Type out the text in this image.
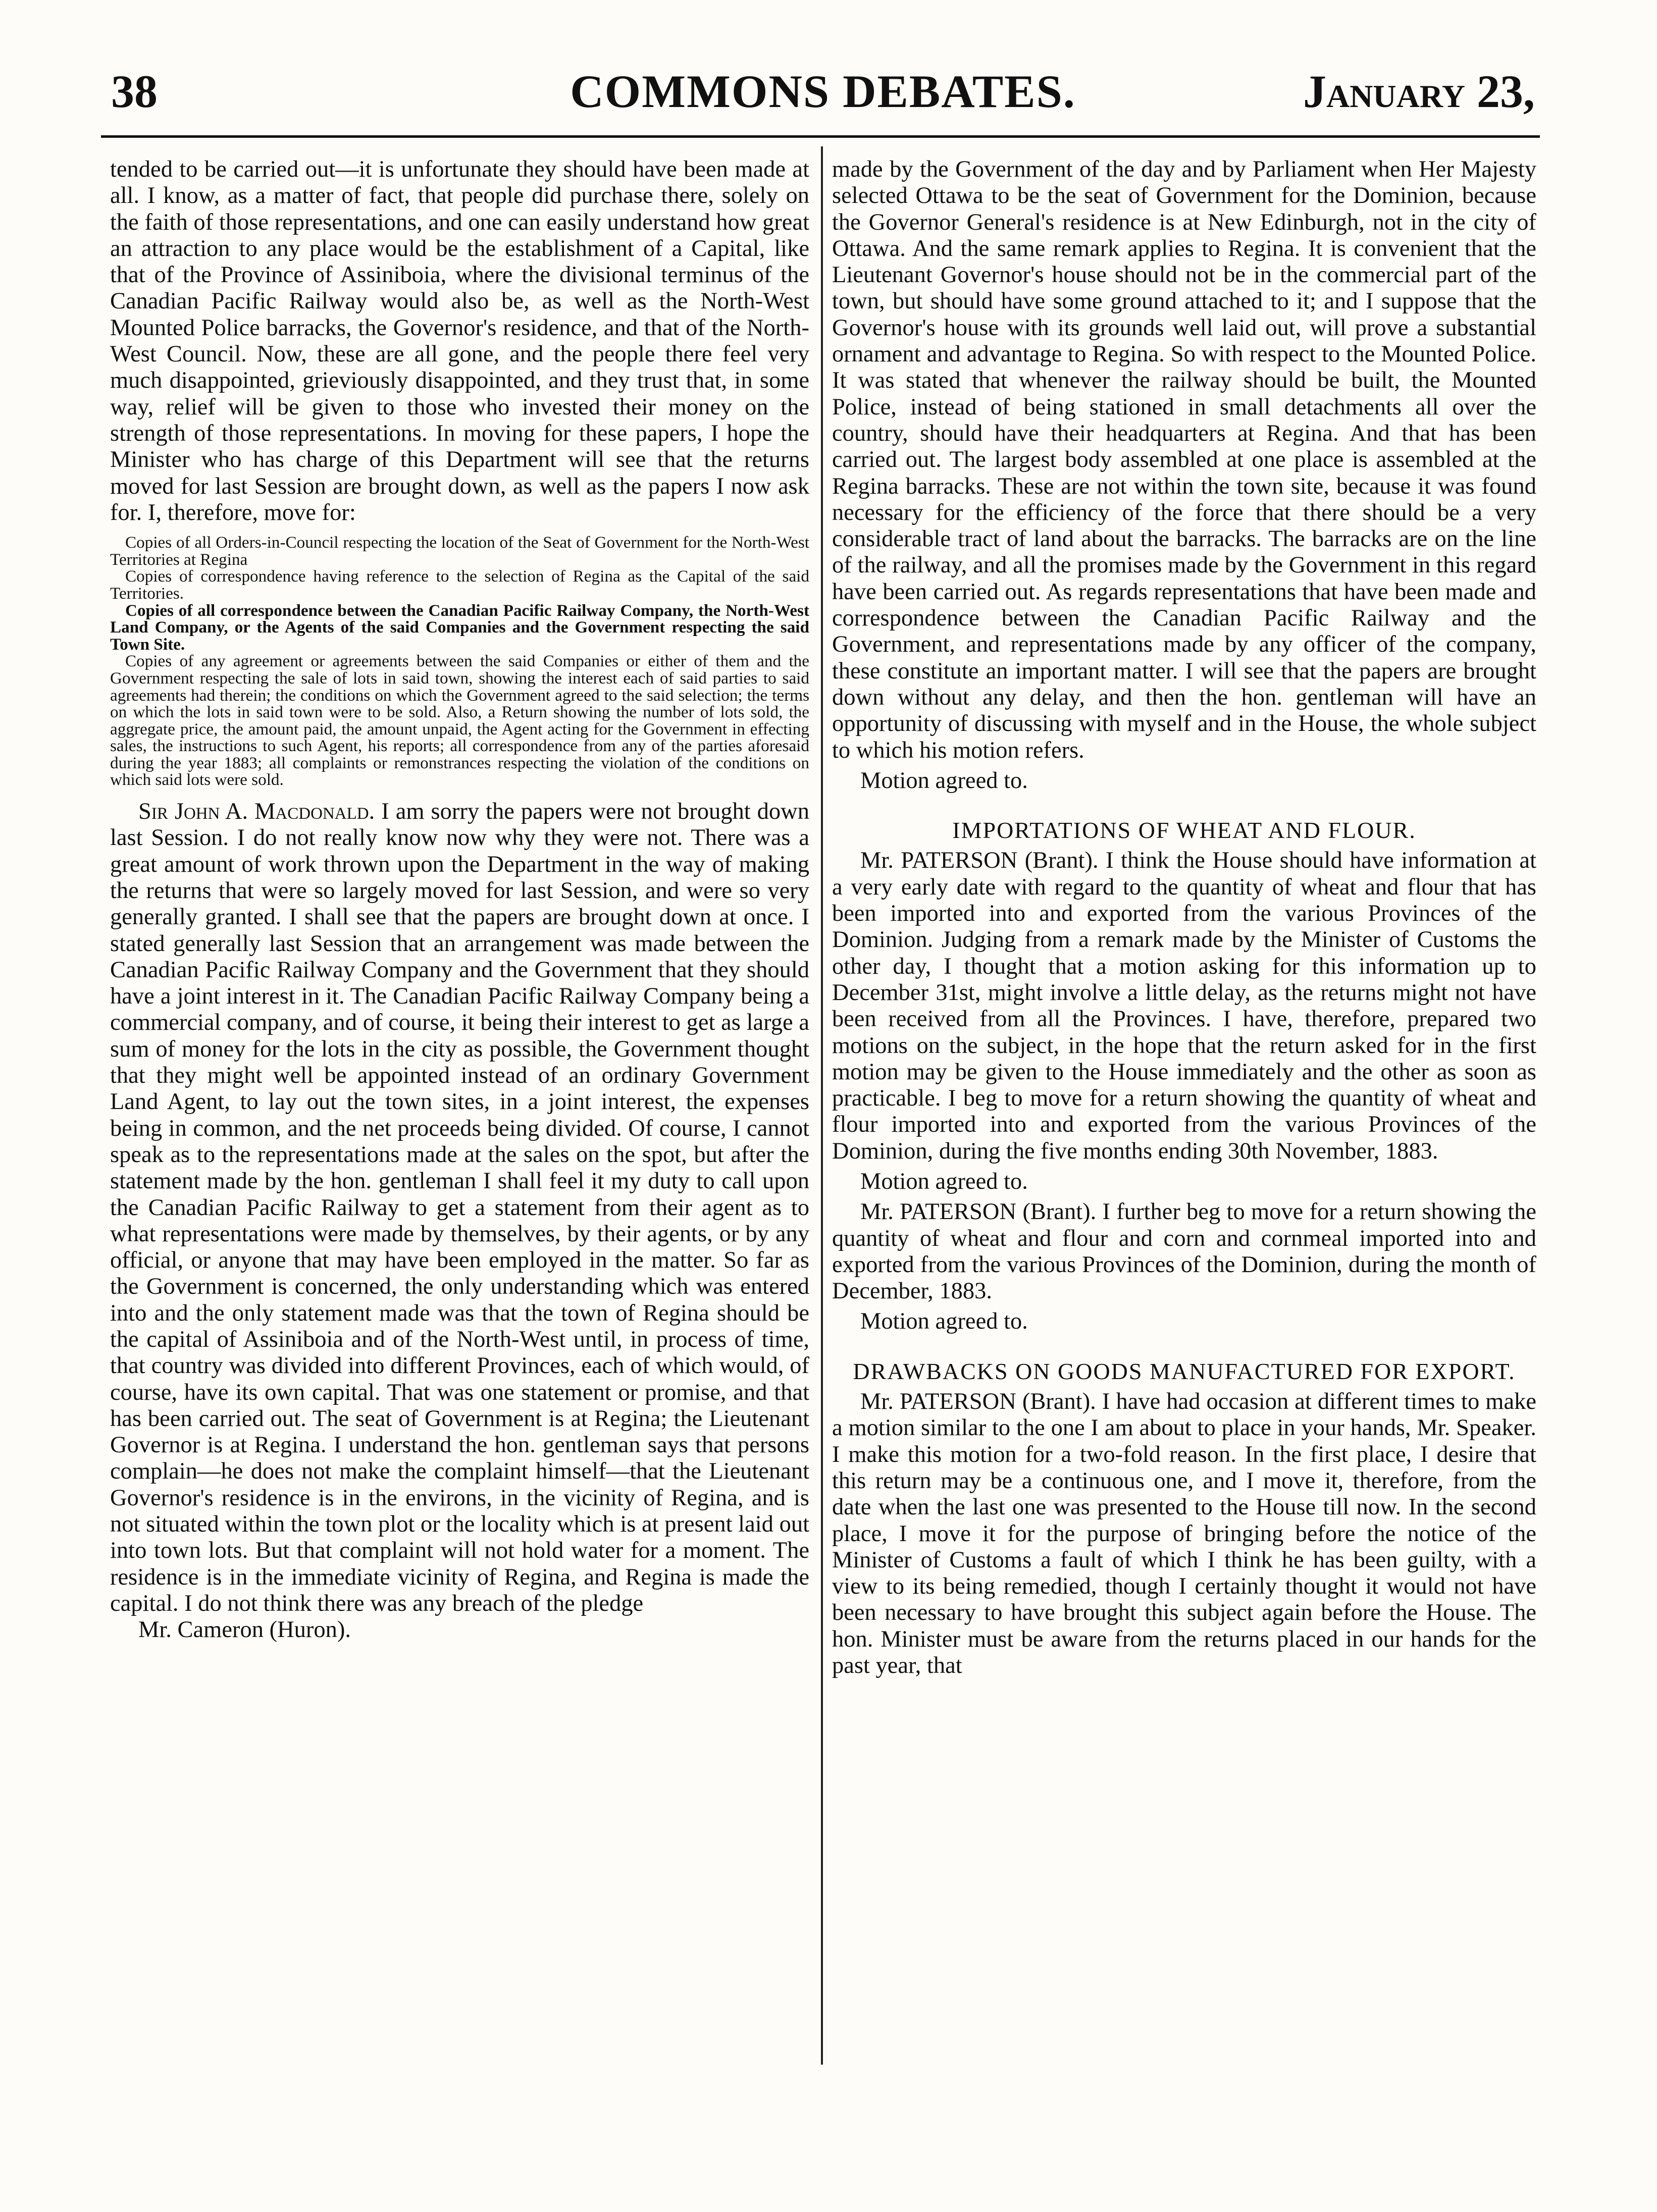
38	COMMONS DEBATES.	January 23,

tended to be carried out—it is unfortunate they should have been made at all. I know, as a matter of fact, that people did purchase there, solely on the faith of those representations, and one can easily understand how great an attraction to any place would be the establishment of a Capital, like that of the Province of Assiniboia, where the divisional terminus of the Canadian Pacific Railway would also be, as well as the North-West Mounted Police barracks, the Governor's residence, and that of the North-West Council. Now, these are all gone, and the people there feel very much disappointed, grieviously disappointed, and they trust that, in some way, relief will be given to those who invested their money on the strength of those representations. In moving for these papers, I hope the Minister who has charge of this Department will see that the returns moved for last Session are brought down, as well as the papers I now ask for. I, therefore, move for:

Copies of all Orders-in-Council respecting the location of the Seat of Government for the North-West Territories at Regina

Copies of correspondence having reference to the selection of Regina as the Capital of the said Territories.

Copies of all correspondence between the Canadian Pacific Railway Company, the North-West Land Company, or the Agents of the said Companies and the Government respecting the said Town Site.

Copies of any agreement or agreements between the said Companies or either of them and the Government respecting the sale of lots in said town, showing the interest each of said parties to said agreements had therein; the conditions on which the Government agreed to the said selection; the terms on which the lots in said town were to be sold. Also, a Return showing the number of lots sold, the aggregate price, the amount paid, the amount unpaid, the Agent acting for the Government in effecting sales, the instructions to such Agent, his reports; all correspondence from any of the parties aforesaid during the year 1883; all complaints or remonstrances respecting the violation of the conditions on which said lots were sold.

Sir John A. Macdonald. I am sorry the papers were not brought down last Session. I do not really know now why they were not. There was a great amount of work thrown upon the Department in the way of making the returns that were so largely moved for last Session, and were so very generally granted. I shall see that the papers are brought down at once. I stated generally last Session that an arrangement was made between the Canadian Pacific Railway Company and the Government that they should have a joint interest in it. The Canadian Pacific Railway Company being a commercial company, and of course, it being their interest to get as large a sum of money for the lots in the city as possible, the Government thought that they might well be appointed instead of an ordinary Government Land Agent, to lay out the town sites, in a joint interest, the expenses being in common, and the net proceeds being divided. Of course, I cannot speak as to the representations made at the sales on the spot, but after the statement made by the hon. gentleman I shall feel it my duty to call upon the Canadian Pacific Railway to get a statement from their agent as to what representations were made by themselves, by their agents, or by any official, or anyone that may have been employed in the matter. So far as the Government is concerned, the only understanding which was entered into and the only statement made was that the town of Regina should be the capital of Assiniboia and of the North-West until, in process of time, that country was divided into different Provinces, each of which would, of course, have its own capital. That was one statement or promise, and that has been carried out. The seat of Government is at Regina; the Lieutenant Governor is at Regina. I understand the hon. gentleman says that persons complain—he does not make the complaint himself—that the Lieutenant Governor's residence is in the environs, in the vicinity of Regina, and is not situated within the town plot or the locality which is at present laid out into town lots. But that complaint will not hold water for a moment. The residence is in the immediate vicinity of Regina, and Regina is made the capital. I do not think there was any breach of the pledge

Mr. Cameron (Huron).

made by the Government of the day and by Parliament when Her Majesty selected Ottawa to be the seat of Government for the Dominion, because the Governor General's residence is at New Edinburgh, not in the city of Ottawa. And the same remark applies to Regina. It is convenient that the Lieutenant Governor's house should not be in the commercial part of the town, but should have some ground attached to it; and I suppose that the Governor's house with its grounds well laid out, will prove a substantial ornament and advantage to Regina. So with respect to the Mounted Police. It was stated that whenever the railway should be built, the Mounted Police, instead of being stationed in small detachments all over the country, should have their headquarters at Regina. And that has been carried out. The largest body assembled at one place is assembled at the Regina barracks. These are not within the town site, because it was found necessary for the efficiency of the force that there should be a very considerable tract of land about the barracks. The barracks are on the line of the railway, and all the promises made by the Government in this regard have been carried out. As regards representations that have been made and correspondence between the Canadian Pacific Railway and the Government, and representations made by any officer of the company, these constitute an important matter. I will see that the papers are brought down without any delay, and then the hon. gentleman will have an opportunity of discussing with myself and in the House, the whole subject to which his motion refers.

Motion agreed to.

IMPORTATIONS OF WHEAT AND FLOUR.

Mr. PATERSON (Brant). I think the House should have information at a very early date with regard to the quantity of wheat and flour that has been imported into and exported from the various Provinces of the Dominion. Judging from a remark made by the Minister of Customs the other day, I thought that a motion asking for this information up to December 31st, might involve a little delay, as the returns might not have been received from all the Provinces. I have, therefore, prepared two motions on the subject, in the hope that the return asked for in the first motion may be given to the House immediately and the other as soon as practicable. I beg to move for a return showing the quantity of wheat and flour imported into and exported from the various Provinces of the Dominion, during the five months ending 30th November, 1883.

Motion agreed to.

Mr. PATERSON (Brant). I further beg to move for a return showing the quantity of wheat and flour and corn and cornmeal imported into and exported from the various Provinces of the Dominion, during the month of December, 1883.

Motion agreed to.

DRAWBACKS ON GOODS MANUFACTURED FOR EXPORT.

Mr. PATERSON (Brant). I have had occasion at different times to make a motion similar to the one I am about to place in your hands, Mr. Speaker. I make this motion for a two-fold reason. In the first place, I desire that this return may be a continuous one, and I move it, therefore, from the date when the last one was presented to the House till now. In the second place, I move it for the purpose of bringing before the notice of the Minister of Customs a fault of which I think he has been guilty, with a view to its being remedied, though I certainly thought it would not have been necessary to have brought this subject again before the House. The hon. Minister must be aware from the returns placed in our hands for the past year, that
